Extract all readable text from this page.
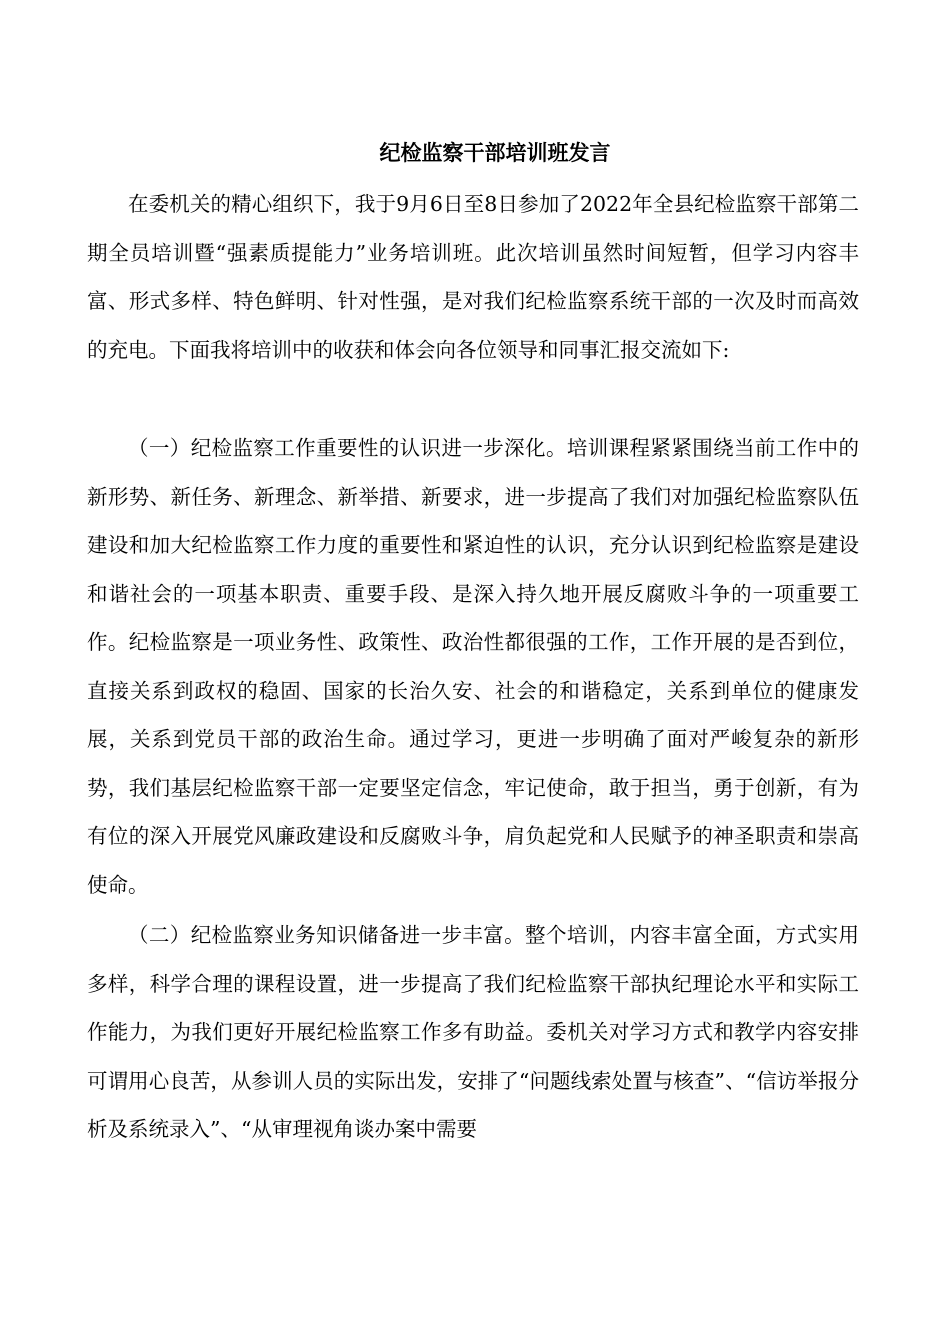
纪检监察干部培训班发言

在委机关的精心组织下，我于9月6日至8日参加了2022年全县纪检监察干部第二期全员培训暨“强素质提能力”业务培训班。此次培训虽然时间短暂，但学习内容丰富、形式多样、特色鲜明、针对性强，是对我们纪检监察系统干部的一次及时而高效的充电。下面我将培训中的收获和体会向各位领导和同事汇报交流如下:

（一）纪检监察工作重要性的认识进一步深化。培训课程紧紧围绕当前工作中的新形势、新任务、新理念、新举措、新要求，进一步提高了我们对加强纪检监察队伍建设和加大纪检监察工作力度的重要性和紧迫性的认识，充分认识到纪检监察是建设和谐社会的一项基本职责、重要手段、是深入持久地开展反腐败斗争的一项重要工作。纪检监察是一项业务性、政策性、政治性都很强的工作，工作开展的是否到位，直接关系到政权的稳固、国家的长治久安、社会的和谐稳定，关系到单位的健康发展，关系到党员干部的政治生命。通过学习，更进一步明确了面对严峻复杂的新形势，我们基层纪检监察干部一定要坚定信念，牢记使命，敢于担当，勇于创新，有为有位的深入开展党风廉政建设和反腐败斗争，肩负起党和人民赋予的神圣职责和崇高使命。

（二）纪检监察业务知识储备进一步丰富。整个培训，内容丰富全面，方式实用多样，科学合理的课程设置，进一步提高了我们纪检监察干部执纪理论水平和实际工作能力，为我们更好开展纪检监察工作多有助益。委机关对学习方式和教学内容安排可谓用心良苦，从参训人员的实际出发，安排了“问题线索处置与核查”、“信访举报分析及系统录入”、“从审理视角谈办案中需要
